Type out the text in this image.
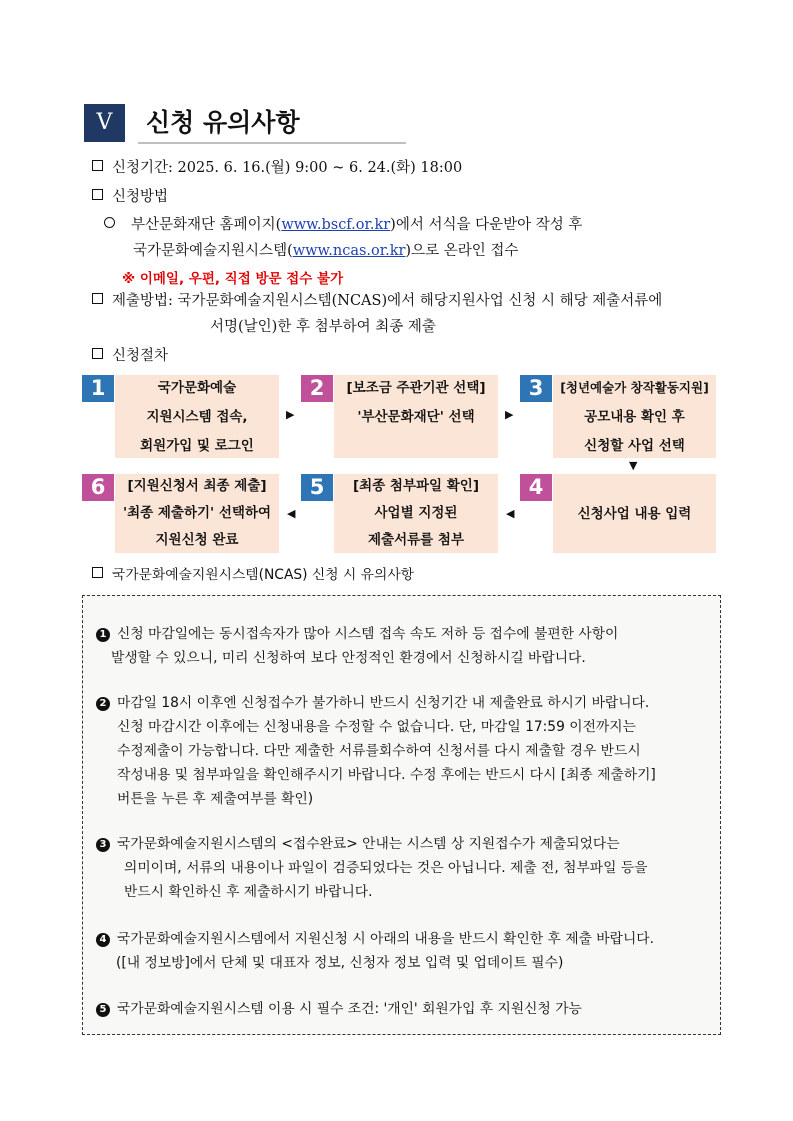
Ⅴ	신청 유의사항
신청기간: 2025. 6. 16.(월) 9:00 ~ 6. 24.(화) 18:00
신청방법
부산문화재단 홈페이지(www.bscf.or.kr)에서 서식을 다운받아 작성 후
국가문화예술지원시스템(www.ncas.or.kr)으로 온라인 접수
※ 이메일, 우편, 직접 방문 접수 불가
제출방법: 국가문화예술지원시스템(NCAS)에서 해당지원사업 신청 시 해당 제출서류에
서명(날인)한 후 첨부하여 최종 제출
신청절차
1	국가문화예술
지원시스템 접속,
회원가입 및 로그인
▶
2	[보조금 주관기관 선택]
'부산문화재단' 선택	▶
3	[청년예술가 창작활동지원]
공모내용 확인 후
신청할 사업 선택
▼
6	[지원신청서 최종 제출]
'최종 제출하기' 선택하여
지원신청 완료
◀
5	[최종 첨부파일 확인]
사업별 지정된
제출서류를 첨부
◀
4
신청사업 내용 입력
국가문화예술지원시스템(NCAS) 신청 시 유의사항
1 신청 마감일에는 동시접속자가 많아 시스템 접속 속도 저하 등 접수에 불편한 사항이
발생할 수 있으니, 미리 신청하여 보다 안정적인 환경에서 신청하시길 바랍니다.
2 마감일 18시 이후엔 신청접수가 불가하니 반드시 신청기간 내 제출완료 하시기 바랍니다.
신청 마감시간 이후에는 신청내용을 수정할 수 없습니다. 단, 마감일 17:59 이전까지는
수정제출이 가능합니다. 다만 제출한 서류를회수하여 신청서를 다시 제출할 경우 반드시
작성내용 및 첨부파일을 확인해주시기 바랍니다. 수정 후에는 반드시 다시 [최종 제출하기]
버튼을 누른 후 제출여부를 확인)
3 국가문화예술지원시스템의 <접수완료> 안내는 시스템 상 지원접수가 제출되었다는
의미이며, 서류의 내용이나 파일이 검증되었다는 것은 아닙니다. 제출 전, 첨부파일 등을
반드시 확인하신 후 제출하시기 바랍니다.
4 국가문화예술지원시스템에서 지원신청 시 아래의 내용을 반드시 확인한 후 제출 바랍니다.
([내 정보방]에서 단체 및 대표자 정보, 신청자 정보 입력 및 업데이트 필수)
5 국가문화예술지원시스템 이용 시 필수 조건: '개인' 회원가입 후 지원신청 가능
